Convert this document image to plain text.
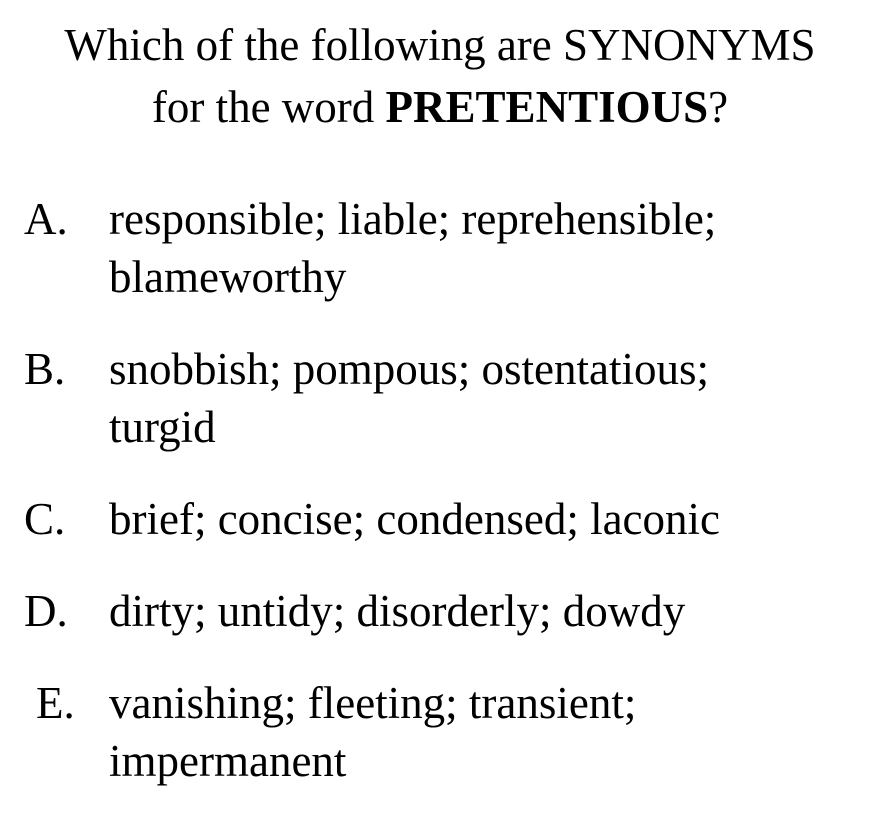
Which of the following are SYNONYMS
for the word PRETENTIOUS?
A. responsible; liable; reprehensible;
blameworthy
B. snobbish; pompous; ostentatious;
turgid
C. brief; concise; condensed; laconic
D. dirty; untidy; disorderly; dowdy
E. vanishing; fleeting; transient;
impermanent
